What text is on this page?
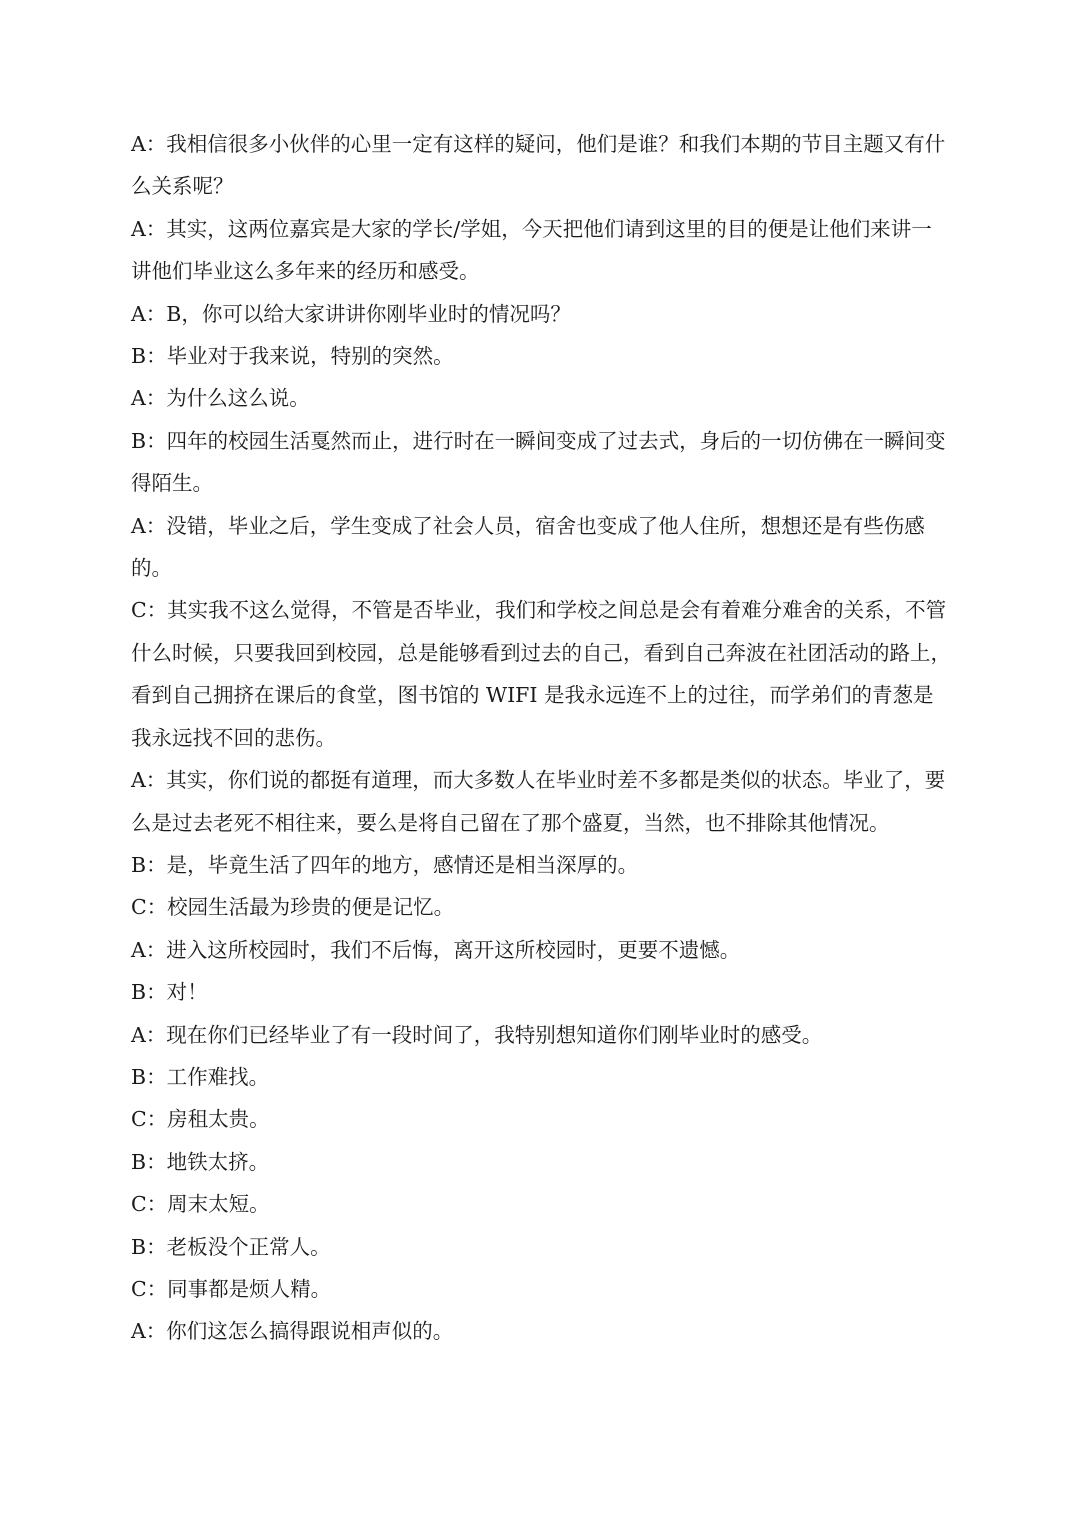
A：我相信很多小伙伴的心里一定有这样的疑问，他们是谁？和我们本期的节目主题又有什么关系呢？

A：其实，这两位嘉宾是大家的学长/学姐，今天把他们请到这里的目的便是让他们来讲一讲他们毕业这么多年来的经历和感受。

A：B，你可以给大家讲讲你刚毕业时的情况吗？

B：毕业对于我来说，特别的突然。

A：为什么这么说。

B：四年的校园生活戛然而止，进行时在一瞬间变成了过去式，身后的一切仿佛在一瞬间变得陌生。

A：没错，毕业之后，学生变成了社会人员，宿舍也变成了他人住所，想想还是有些伤感的。

C：其实我不这么觉得，不管是否毕业，我们和学校之间总是会有着难分难舍的关系，不管什么时候，只要我回到校园，总是能够看到过去的自己，看到自己奔波在社团活动的路上，看到自己拥挤在课后的食堂，图书馆的 WIFI 是我永远连不上的过往，而学弟们的青葱是我永远找不回的悲伤。

A：其实，你们说的都挺有道理，而大多数人在毕业时差不多都是类似的状态。毕业了，要么是过去老死不相往来，要么是将自己留在了那个盛夏，当然，也不排除其他情况。

B：是，毕竟生活了四年的地方，感情还是相当深厚的。

C：校园生活最为珍贵的便是记忆。

A：进入这所校园时，我们不后悔，离开这所校园时，更要不遗憾。

B：对！

A：现在你们已经毕业了有一段时间了，我特别想知道你们刚毕业时的感受。

B：工作难找。

C：房租太贵。

B：地铁太挤。

C：周末太短。

B：老板没个正常人。

C：同事都是烦人精。

A：你们这怎么搞得跟说相声似的。
